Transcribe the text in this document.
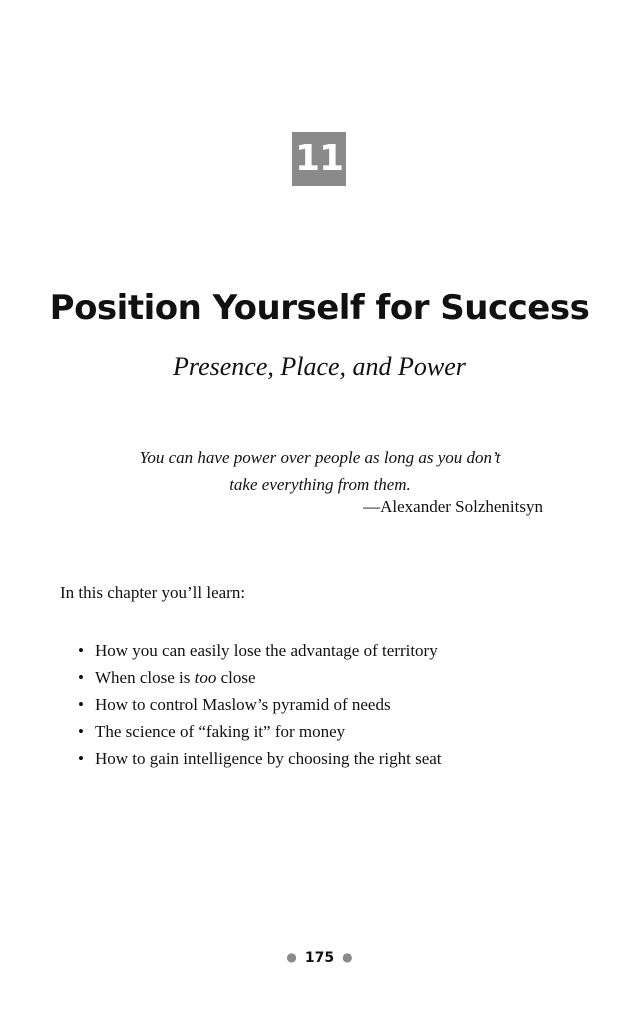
11
Position Yourself for Success
Presence, Place, and Power
You can have power over people as long as you don’t
take everything from them.
—Alexander Solzhenitsyn
In this chapter you’ll learn:
• How you can easily lose the advantage of territory
• When close is too close
• How to control Maslow’s pyramid of needs
• The science of “faking it” for money
• How to gain intelligence by choosing the right seat
● 175 ●
